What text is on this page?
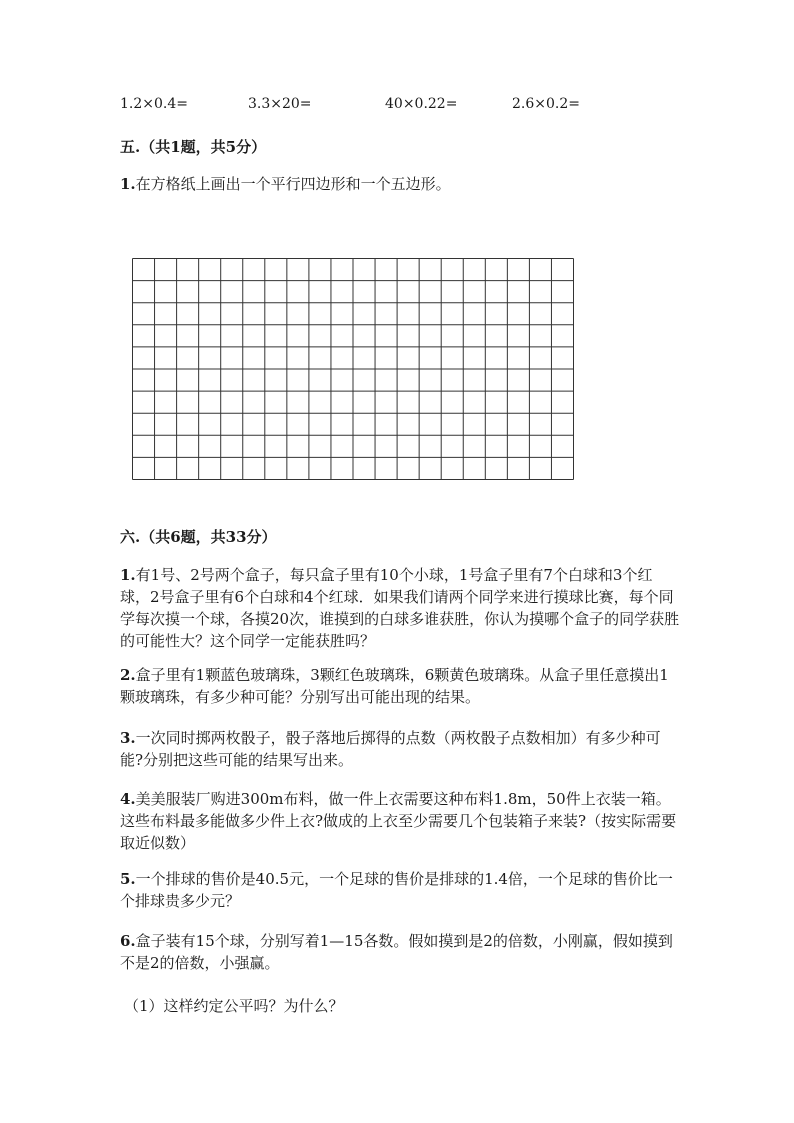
1.2×0.4=	3.3×20=	40×0.22=	2.6×0.2=
五.（共1题，共5分）
1.在方格纸上画出一个平行四边形和一个五边形。
六.（共6题，共33分）
1.有1号、2号两个盒子，每只盒子里有10个小球，1号盒子里有7个白球和3个红球，2号盒子里有6个白球和4个红球．如果我们请两个同学来进行摸球比赛，每个同学每次摸一个球，各摸20次，谁摸到的白球多谁获胜，你认为摸哪个盒子的同学获胜的可能性大？这个同学一定能获胜吗？
2.盒子里有1颗蓝色玻璃珠，3颗红色玻璃珠，6颗黄色玻璃珠。从盒子里任意摸出1颗玻璃珠，有多少种可能？分别写出可能出现的结果。
3.一次同时掷两枚骰子，骰子落地后掷得的点数（两枚骰子点数相加）有多少种可能?分别把这些可能的结果写出来。
4.美美服装厂购进300m布料，做一件上衣需要这种布料1.8m，50件上衣装一箱。这些布料最多能做多少件上衣?做成的上衣至少需要几个包装箱子来装?（按实际需要取近似数）
5.一个排球的售价是40.5元，一个足球的售价是排球的1.4倍，一个足球的售价比一个排球贵多少元？
6.盒子装有15个球，分别写着1—15各数。假如摸到是2的倍数，小刚赢，假如摸到不是2的倍数，小强赢。
（1）这样约定公平吗？为什么？
